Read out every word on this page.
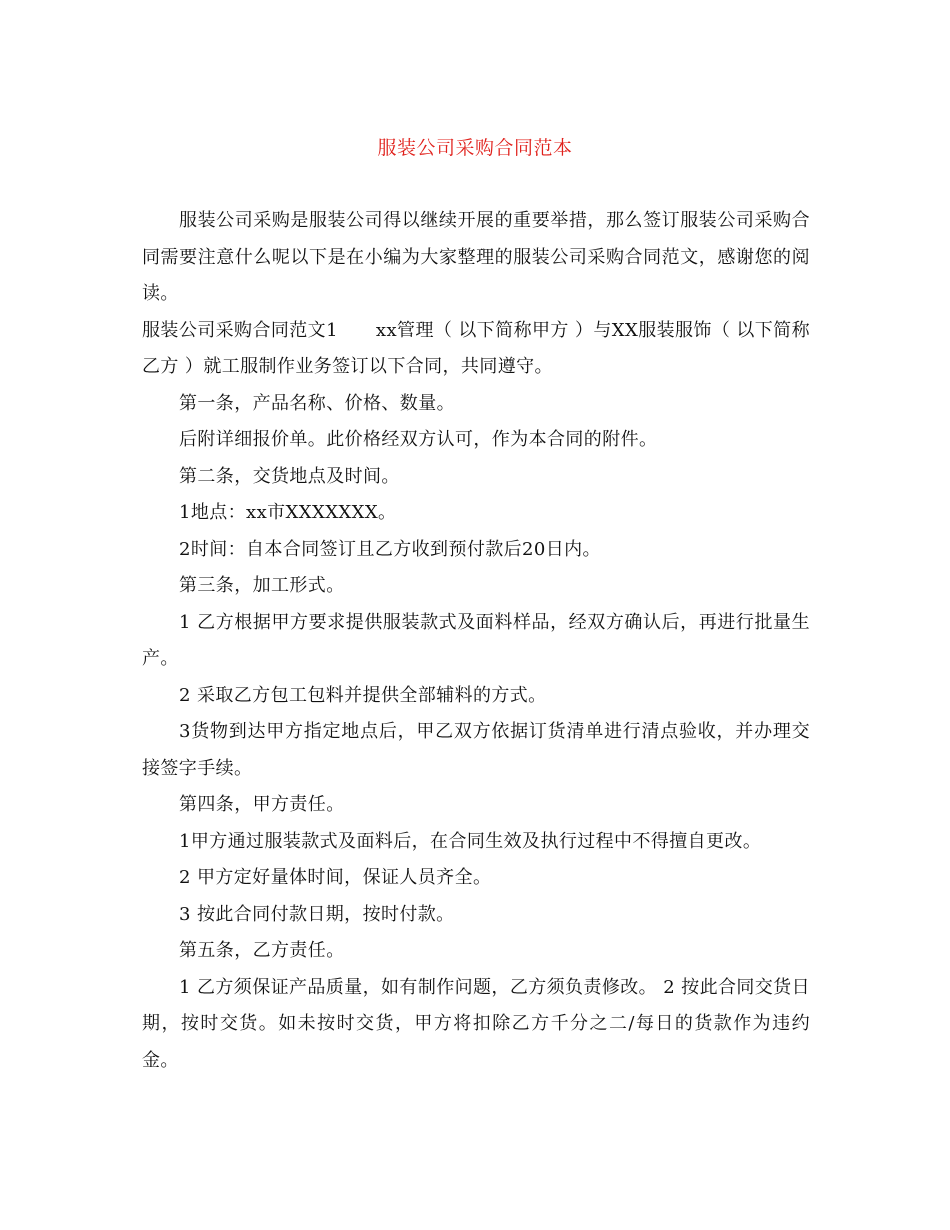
服装公司采购合同范本

服装公司采购是服装公司得以继续开展的重要举措，那么签订服装公司采购合同需要注意什么呢以下是在小编为大家整理的服装公司采购合同范文，感谢您的阅读。

服装公司采购合同范文1 xx管理（ 以下简称甲方 ）与XX服装服饰（ 以下简称乙方 ）就工服制作业务签订以下合同，共同遵守。

第一条，产品名称、价格、数量。

后附详细报价单。此价格经双方认可，作为本合同的附件。

第二条，交货地点及时间。

1地点：xx市XXXXXXX。

2时间：自本合同签订且乙方收到预付款后20日内。

第三条，加工形式。

1 乙方根据甲方要求提供服装款式及面料样品，经双方确认后，再进行批量生产。

2 采取乙方包工包料并提供全部辅料的方式。

3货物到达甲方指定地点后，甲乙双方依据订货清单进行清点验收，并办理交接签字手续。

第四条，甲方责任。

1甲方通过服装款式及面料后，在合同生效及执行过程中不得擅自更改。

2 甲方定好量体时间，保证人员齐全。

3 按此合同付款日期，按时付款。

第五条，乙方责任。

1 乙方须保证产品质量，如有制作问题，乙方须负责修改。 2 按此合同交货日期，按时交货。如未按时交货，甲方将扣除乙方千分之二/每日的货款作为违约金。
